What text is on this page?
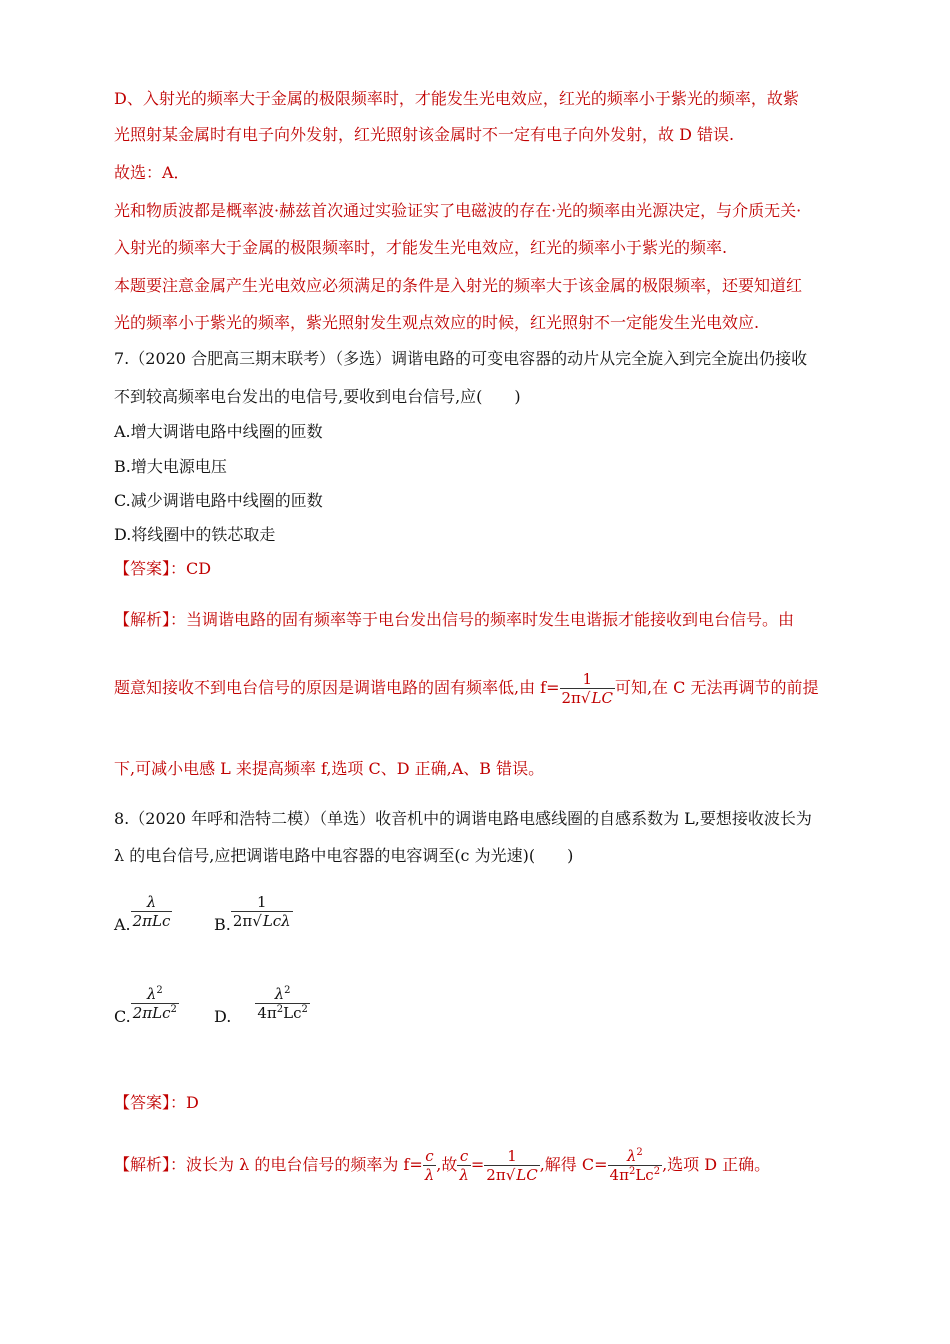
D、入射光的频率大于金属的极限频率时，才能发生光电效应，红光的频率小于紫光的频率，故紫
光照射某金属时有电子向外发射，红光照射该金属时不一定有电子向外发射，故 D 错误.
故选：A．
光和物质波都是概率波·赫兹首次通过实验证实了电磁波的存在·光的频率由光源决定，与介质无关·
入射光的频率大于金属的极限频率时，才能发生光电效应，红光的频率小于紫光的频率.
本题要注意金属产生光电效应必须满足的条件是入射光的频率大于该金属的极限频率，还要知道红
光的频率小于紫光的频率，紫光照射发生观点效应的时候，红光照射不一定能发生光电效应.
7.（2020 合肥高三期末联考）（多选）调谐电路的可变电容器的动片从完全旋入到完全旋出仍接收
不到较高频率电台发出的电信号,要收到电台信号,应(　　)
A.增大调谐电路中线圈的匝数
B.增大电源电压
C.减少调谐电路中线圈的匝数
D.将线圈中的铁芯取走
【答案】：CD
【解析】：当调谐电路的固有频率等于电台发出信号的频率时发生电谐振才能接收到电台信号。由
题意知接收不到电台信号的原因是调谐电路的固有频率低,由 $f= \frac{1}{2\pi√LC}$ 可知,在 C 无法再调节的前提
下,可减小电感 L 来提高频率 f,选项 C、D 正确,A、B 错误。
8.（2020 年呼和浩特二模）（单选）收音机中的调谐电路电感线圈的自感系数为 L,要想接收波长为
λ 的电台信号,应把调谐电路中电容器的电容调至(c 为光速)(　　)
A. $\frac{\lambda}{\text{2πLc}}$	B. $\frac{1}{\text{2π√Lcλ}}$
C. $\frac{\lambda^2}{2\pi Lc^2} D$. $\frac{\lambda^2}{4\pi^2Lc^2}$
【答案】：D
【解析】：波长为 λ 的电台信号的频率为 $f= \frac{c}{\lambda}$ ,故 $\frac{c}{\lambda} = \frac{1}{2\pi√LC}$ ,解得 $C= \frac{\lambda^2}{4\pi^2Lc^2}$ ,选项 D 正确。
